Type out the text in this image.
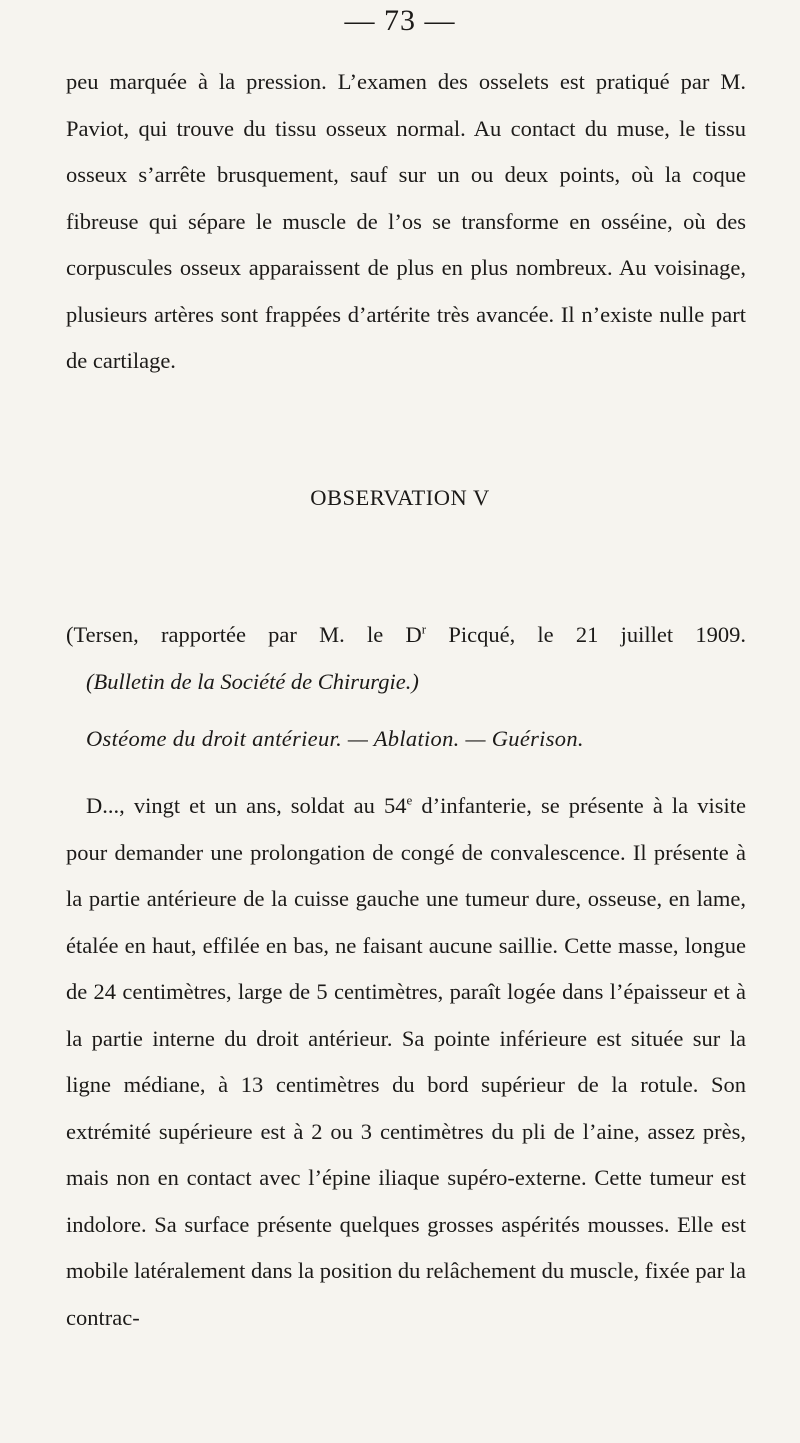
— 73 —

peu marquée à la pression. L’examen des osselets est pratiqué par M. Paviot, qui trouve du tissu osseux normal. Au contact du muse, le tissu osseux s’arrête brusquement, sauf sur un ou deux points, où la coque fibreuse qui sépare le muscle de l’os se transforme en osséine, où des corpuscules osseux apparaissent de plus en plus nombreux. Au voisinage, plusieurs artères sont frappées d’artérite très avancée. Il n’existe nulle part de cartilage.

OBSERVATION V
(Tersen, rapportée par M. le $D^r$ Picqué, le 21 juillet 1909.
(Bulletin de la Société de Chirurgie.)
Ostéome du droit antérieur. — Ablation. — Guérison.

D..., vingt et un ans, soldat au 54e d’infanterie, se présente à la visite pour demander une prolongation de congé de convalescence. Il présente à la partie antérieure de la cuisse gauche une tumeur dure, osseuse, en lame, étalée en haut, effilée en bas, ne faisant aucune saillie. Cette masse, longue de 24 centimètres, large de 5 centimètres, paraît logée dans l’épaisseur et à la partie interne du droit antérieur. Sa pointe inférieure est située sur la ligne médiane, à 13 centimètres du bord supérieur de la rotule. Son extrémité supérieure est à 2 ou 3 centimètres du pli de l’aine, assez près, mais non en contact avec l’épine iliaque supéro-externe. Cette tumeur est indolore. Sa surface présente quelques grosses aspérités mousses. Elle est mobile latéralement dans la position du relâchement du muscle, fixée par la contrac-
